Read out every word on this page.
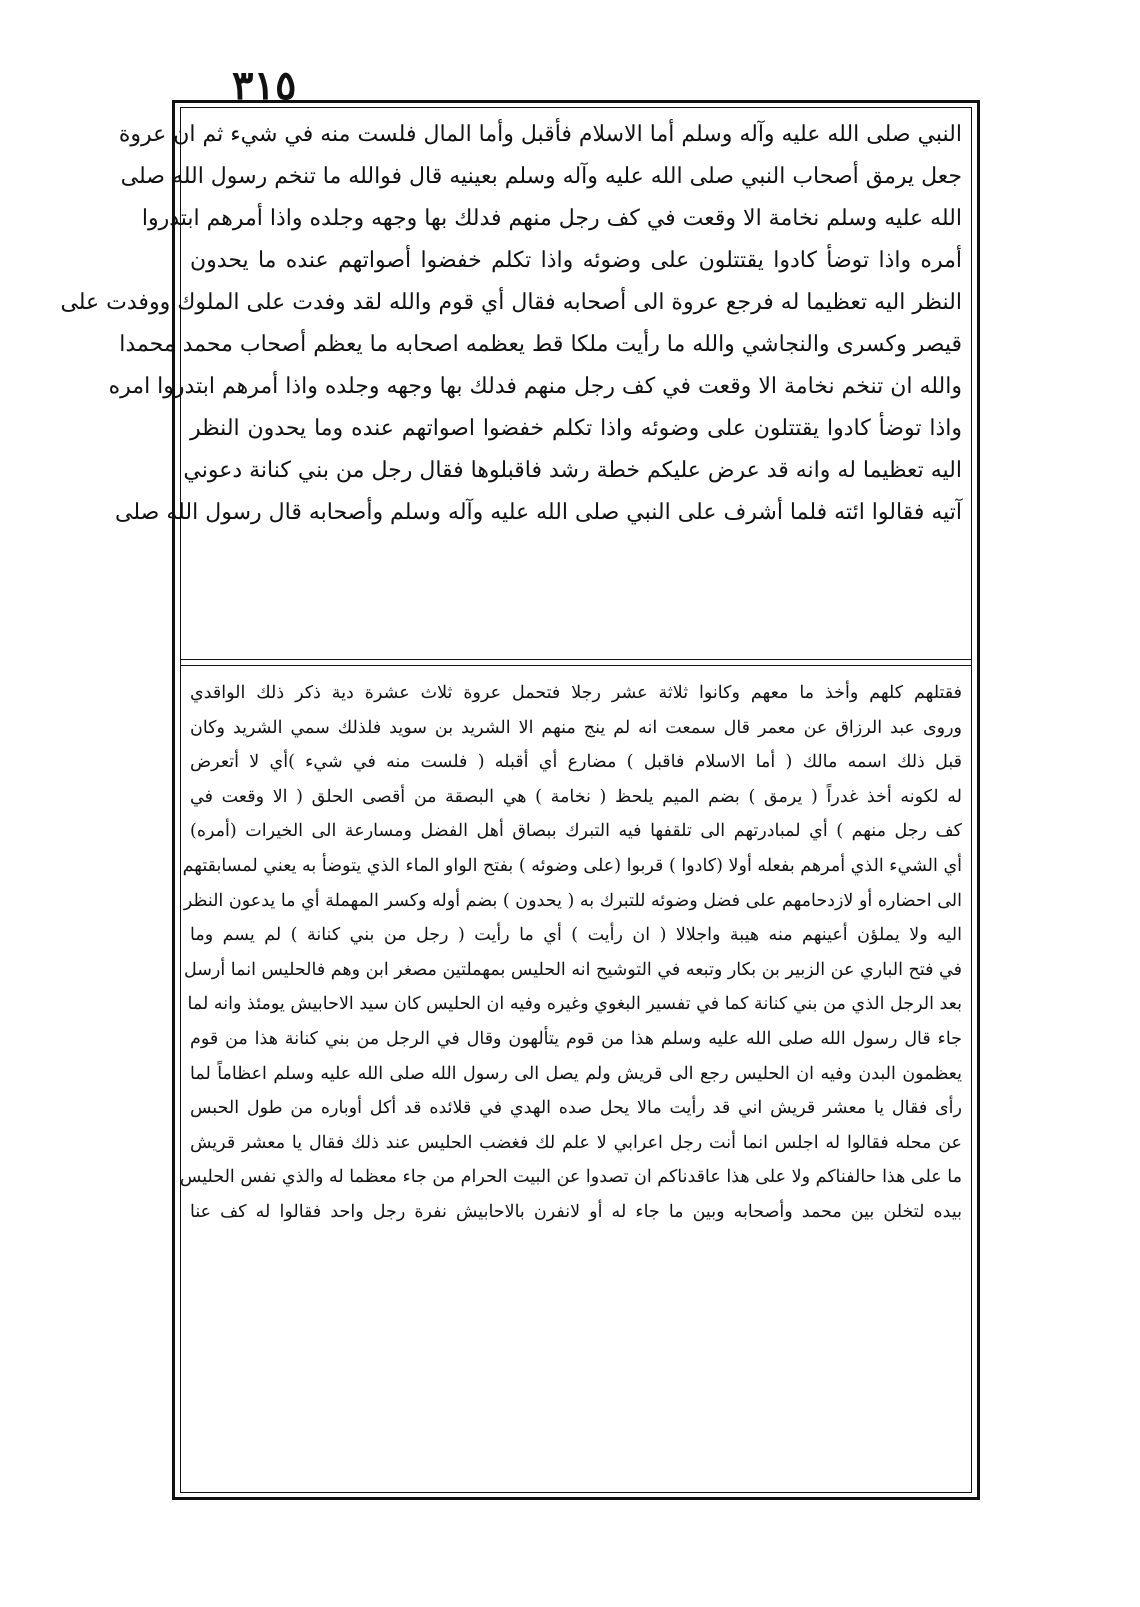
٣١٥

النبي صلى الله عليه وآله وسلم أما الاسلام فأقبل وأما المال فلست منه في شيء ثم ان عروة

جعل يرمق أصحاب النبي صلى الله عليه وآله وسلم بعينيه قال فوالله ما تنخم رسول الله صلى

الله عليه وسلم نخامة الا وقعت في كف رجل منهم فدلك بها وجهه وجلده واذا أمرهم ابتدروا

أمره واذا توضأ كادوا يقتتلون على وضوئه واذا تكلم خفضوا أصواتهم عنده ما يحدون

النظر اليه تعظيما له فرجع عروة الى أصحابه فقال أي قوم والله لقد وفدت على الملوك ووفدت على

قيصر وكسرى والنجاشي والله ما رأيت ملكا قط يعظمه اصحابه ما يعظم أصحاب محمد محمدا

والله ان تنخم نخامة الا وقعت في كف رجل منهم فدلك بها وجهه وجلده واذا أمرهم ابتدروا امره

واذا توضأ كادوا يقتتلون على وضوئه واذا تكلم خفضوا اصواتهم عنده وما يحدون النظر

اليه تعظيما له وانه قد عرض عليكم خطة رشد فاقبلوها فقال رجل من بني كنانة دعوني

آتيه فقالوا ائته فلما أشرف على النبي صلى الله عليه وآله وسلم وأصحابه قال رسول الله صلى

فقتلهم كلهم وأخذ ما معهم وكانوا ثلاثة عشر رجلا فتحمل عروة ثلاث عشرة دية ذكر ذلك الواقدي

وروى عبد الرزاق عن معمر قال سمعت انه لم ينج منهم الا الشريد بن سويد فلذلك سمي الشريد وكان

قبل ذلك اسمه مالك ( أما الاسلام فاقبل ) مضارع أي أقبله ( فلست منه في شيء )أي لا أتعرض

له لكونه أخذ غدراً ( يرمق ) بضم الميم يلحظ ( نخامة ) هي البصقة من أقصى الحلق ( الا وقعت في

كف رجل منهم ) أي لمبادرتهم الى تلقفها فيه التبرك ببصاق أهل الفضل ومسارعة الى الخيرات (أمره)

أي الشيء الذي أمرهم بفعله أولا (كادوا ) قربوا (على وضوئه ) بفتح الواو الماء الذي يتوضأ به يعني لمسابقتهم

الى احضاره أو لازدحامهم على فضل وضوئه للتبرك به ( يحدون ) بضم أوله وكسر المهملة أي ما يدعون النظر

اليه ولا يملؤن أعينهم منه هيبة واجلالا ( ان رأيت ) أي ما رأيت ( رجل من بني كنانة ) لم يسم وما

في فتح الباري عن الزبير بن بكار وتبعه في التوشيح انه الحليس بمهملتين مصغر ابن وهم فالحليس انما أرسل

بعد الرجل الذي من بني كنانة كما في تفسير البغوي وغيره وفيه ان الحليس كان سيد الاحابيش يومئذ وانه لما

جاء قال رسول الله صلى الله عليه وسلم هذا من قوم يتألهون وقال في الرجل من بني كنانة هذا من قوم

يعظمون البدن وفيه ان الحليس رجع الى قريش ولم يصل الى رسول الله صلى الله عليه وسلم اعظاماً لما

رأى فقال يا معشر قريش اني قد رأيت مالا يحل صده الهدي في قلائده قد أكل أوباره من طول الحبس

عن محله فقالوا له اجلس انما أنت رجل اعرابي لا علم لك فغضب الحليس عند ذلك فقال يا معشر قريش

ما على هذا حالفناكم ولا على هذا عاقدناكم ان تصدوا عن البيت الحرام من جاء معظما له والذي نفس الحليس

بيده لتخلن بين محمد وأصحابه وبين ما جاء له أو لانفرن بالاحابيش نفرة رجل واحد فقالوا له كف عنا
